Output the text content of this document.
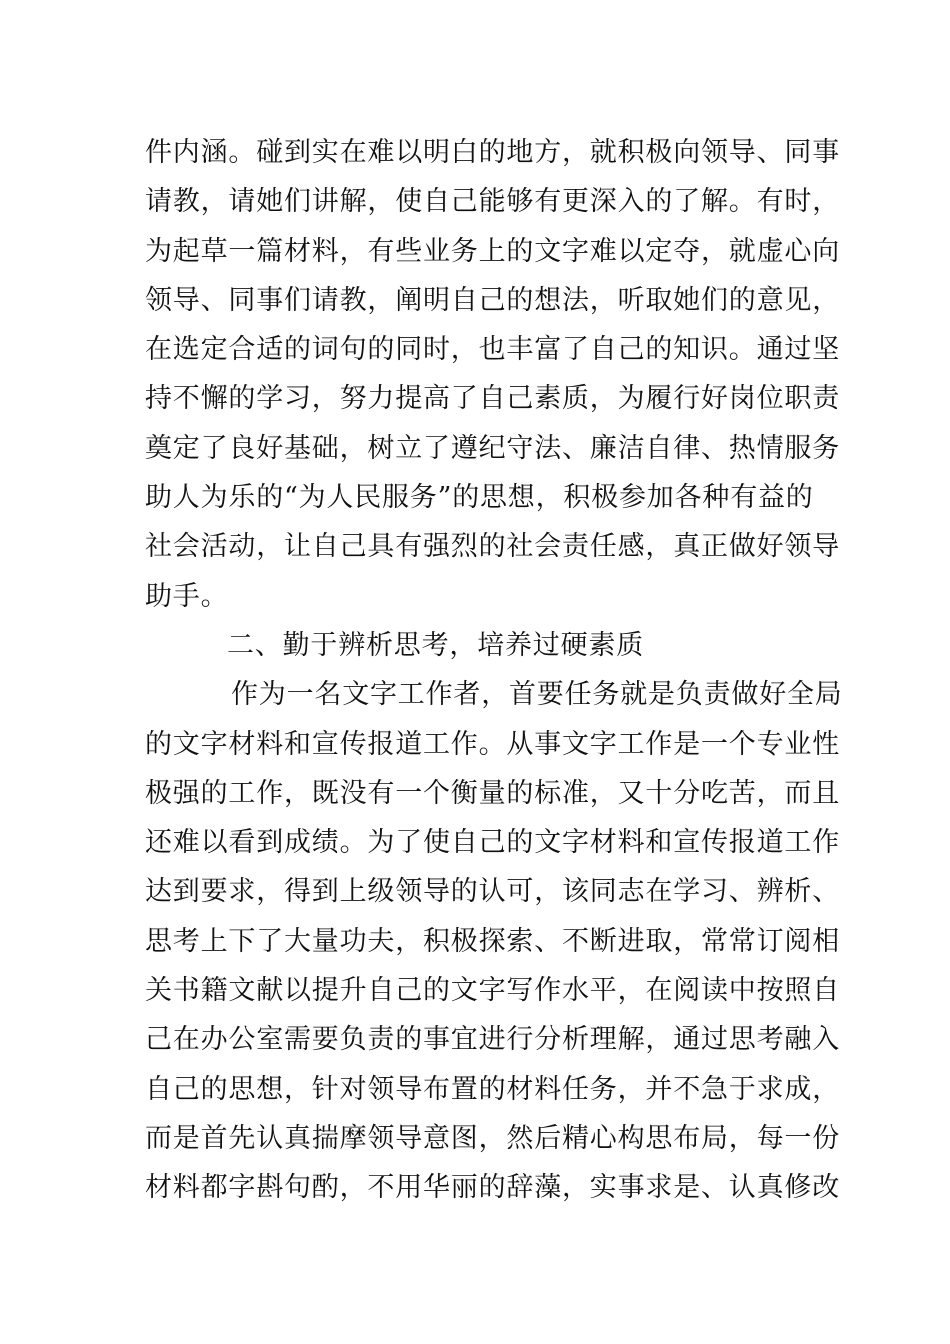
件内涵。碰到实在难以明白的地方，就积极向领导、同事
请教，请她们讲解，使自己能够有更深入的了解。有时，
为起草一篇材料，有些业务上的文字难以定夺，就虚心向
领导、同事们请教，阐明自己的想法，听取她们的意见，
在选定合适的词句的同时，也丰富了自己的知识。通过坚
持不懈的学习，努力提高了自己素质，为履行好岗位职责
奠定了良好基础，树立了遵纪守法、廉洁自律、热情服务
助人为乐的“为人民服务”的思想，积极参加各种有益的
社会活动，让自己具有强烈的社会责任感，真正做好领导
助手。
二、勤于辨析思考，培养过硬素质
作为一名文字工作者，首要任务就是负责做好全局
的文字材料和宣传报道工作。从事文字工作是一个专业性
极强的工作，既没有一个衡量的标准，又十分吃苦，而且
还难以看到成绩。为了使自己的文字材料和宣传报道工作
达到要求，得到上级领导的认可，该同志在学习、辨析、
思考上下了大量功夫，积极探索、不断进取，常常订阅相
关书籍文献以提升自己的文字写作水平，在阅读中按照自
己在办公室需要负责的事宜进行分析理解，通过思考融入
自己的思想，针对领导布置的材料任务，并不急于求成，
而是首先认真揣摩领导意图，然后精心构思布局，每一份
材料都字斟句酌，不用华丽的辞藻，实事求是、认真修改
